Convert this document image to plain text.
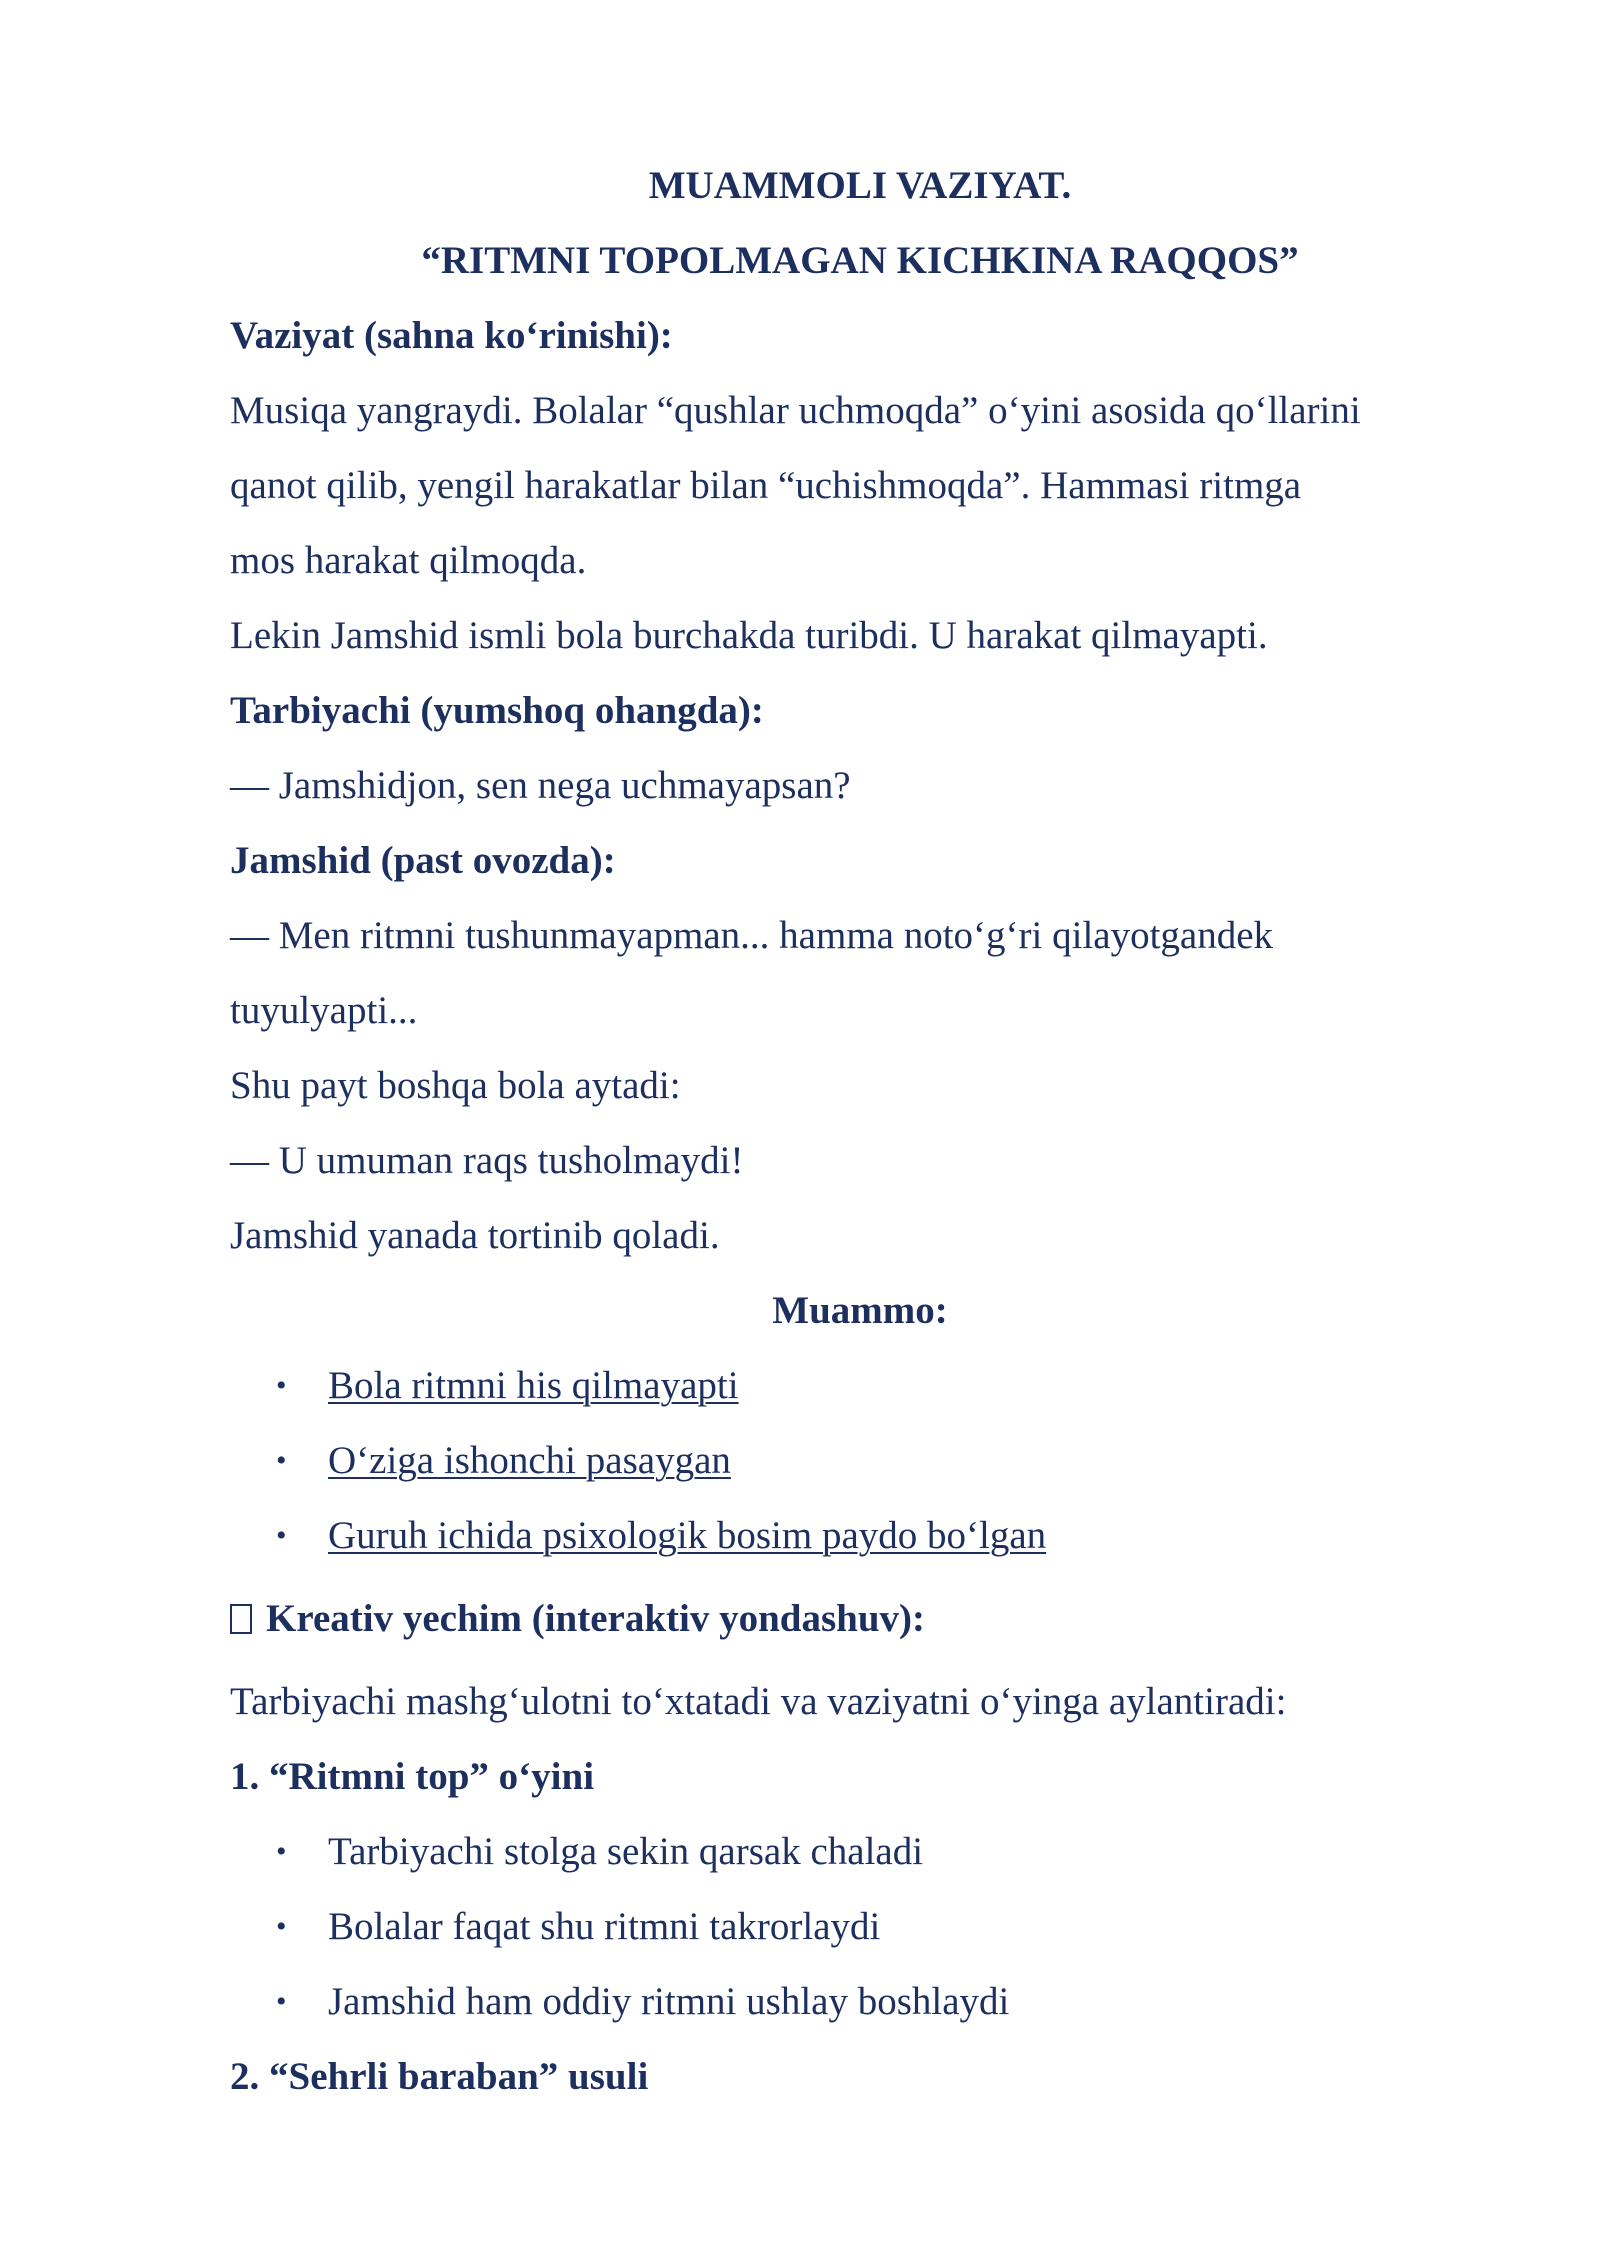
MUAMMOLI VAZIYAT.

“RITMNI TOPOLMAGAN KICHKINA RAQQOS”

Vaziyat (sahna ko‘rinishi):

Musiqa yangraydi. Bolalar “qushlar uchmoqda” o‘yini asosida qo‘llarini

qanot qilib, yengil harakatlar bilan “uchishmoqda”. Hammasi ritmga

mos harakat qilmoqda.

Lekin Jamshid ismli bola burchakda turibdi. U harakat qilmayapti.

Tarbiyachi (yumshoq ohangda):

— Jamshidjon, sen nega uchmayapsan?

Jamshid (past ovozda):

— Men ritmni tushunmayapman... hamma noto‘g‘ri qilayotgandek

tuyulyapti...

Shu payt boshqa bola aytadi:

— U umuman raqs tusholmaydi!

Jamshid yanada tortinib qoladi.

Muammo:

• Bola ritmni his qilmayapti
• O‘ziga ishonchi pasaygan
• Guruh ichida psixologik bosim paydo bo‘lgan

Kreativ yechim (interaktiv yondashuv):

Tarbiyachi mashg‘ulotni to‘xtatadi va vaziyatni o‘yinga aylantiradi:

1. “Ritmni top” o‘yini

• Tarbiyachi stolga sekin qarsak chaladi
• Bolalar faqat shu ritmni takrorlaydi
• Jamshid ham oddiy ritmni ushlay boshlaydi

2. “Sehrli baraban” usuli
